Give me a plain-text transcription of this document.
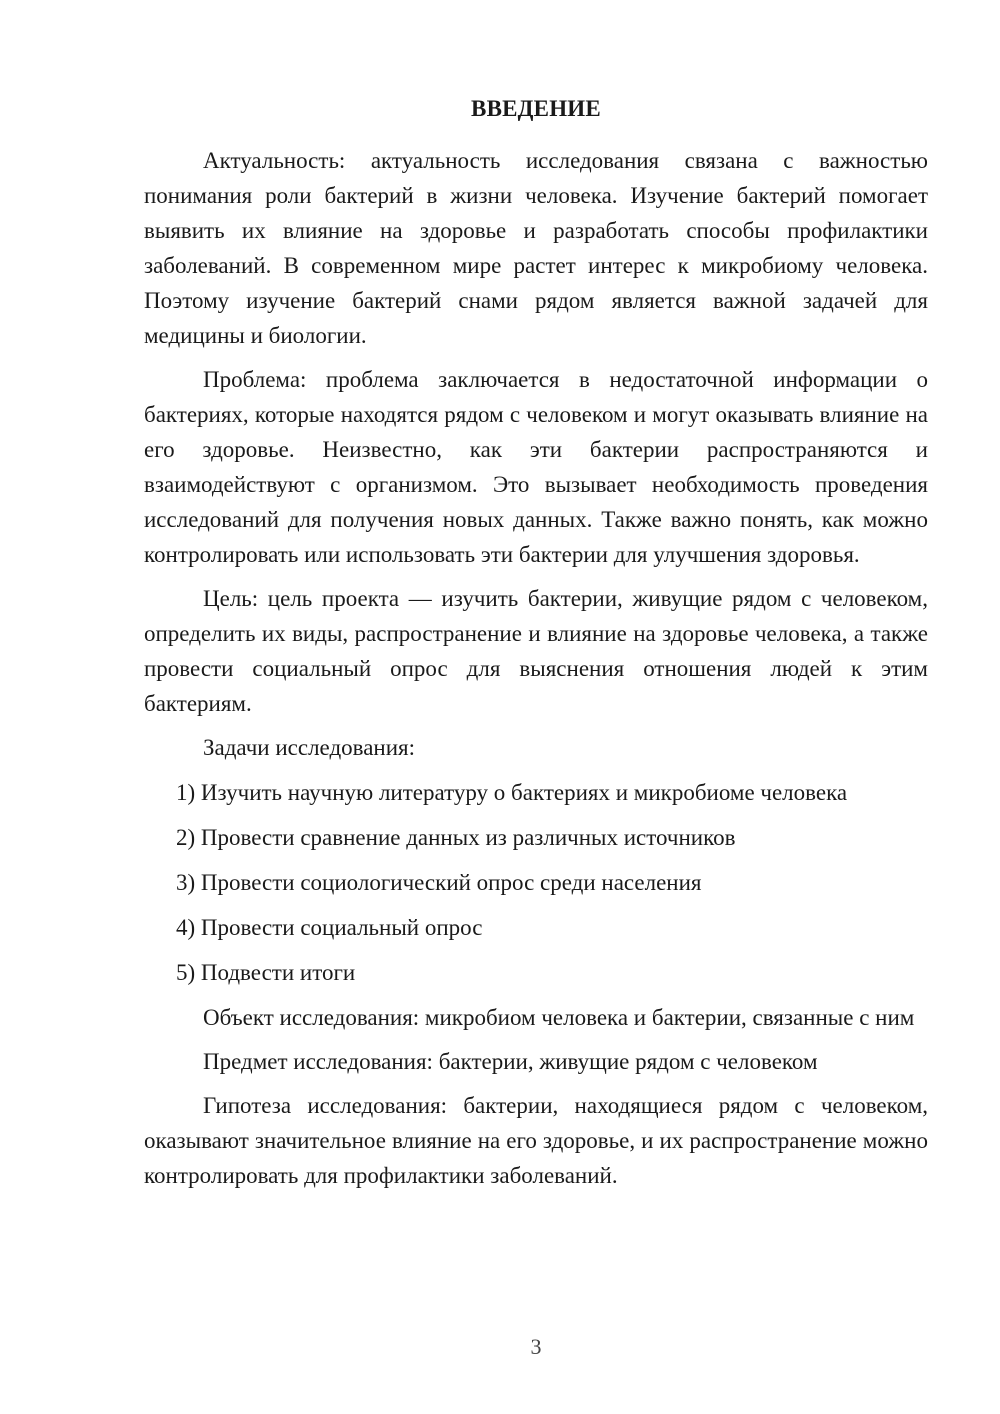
ВВЕДЕНИЕ

Актуальность: актуальность исследования связана с важностью понимания роли бактерий в жизни человека. Изучение бактерий помогает выявить их влияние на здоровье и разработать способы профилактики заболеваний. В современном мире растет интерес к микробиому человека. Поэтому изучение бактерий снами рядом является важной задачей для медицины и биологии.

Проблема: проблема заключается в недостаточной информации о бактериях, которые находятся рядом с человеком и могут оказывать влияние на его здоровье. Неизвестно, как эти бактерии распространяются и взаимодействуют с организмом. Это вызывает необходимость проведения исследований для получения новых данных. Также важно понять, как можно контролировать или использовать эти бактерии для улучшения здоровья.

Цель: цель проекта — изучить бактерии, живущие рядом с человеком, определить их виды, распространение и влияние на здоровье человека, а также провести социальный опрос для выяснения отношения людей к этим бактериям.

Задачи исследования:

1) Изучить научную литературу о бактериях и микробиоме человека
2) Провести сравнение данных из различных источников
3) Провести социологический опрос среди населения
4) Провести социальный опрос
5) Подвести итоги

Объект исследования: микробиом человека и бактерии, связанные с ним

Предмет исследования: бактерии, живущие рядом с человеком

Гипотеза исследования: бактерии, находящиеся рядом с человеком, оказывают значительное влияние на его здоровье, и их распространение можно контролировать для профилактики заболеваний.

3
